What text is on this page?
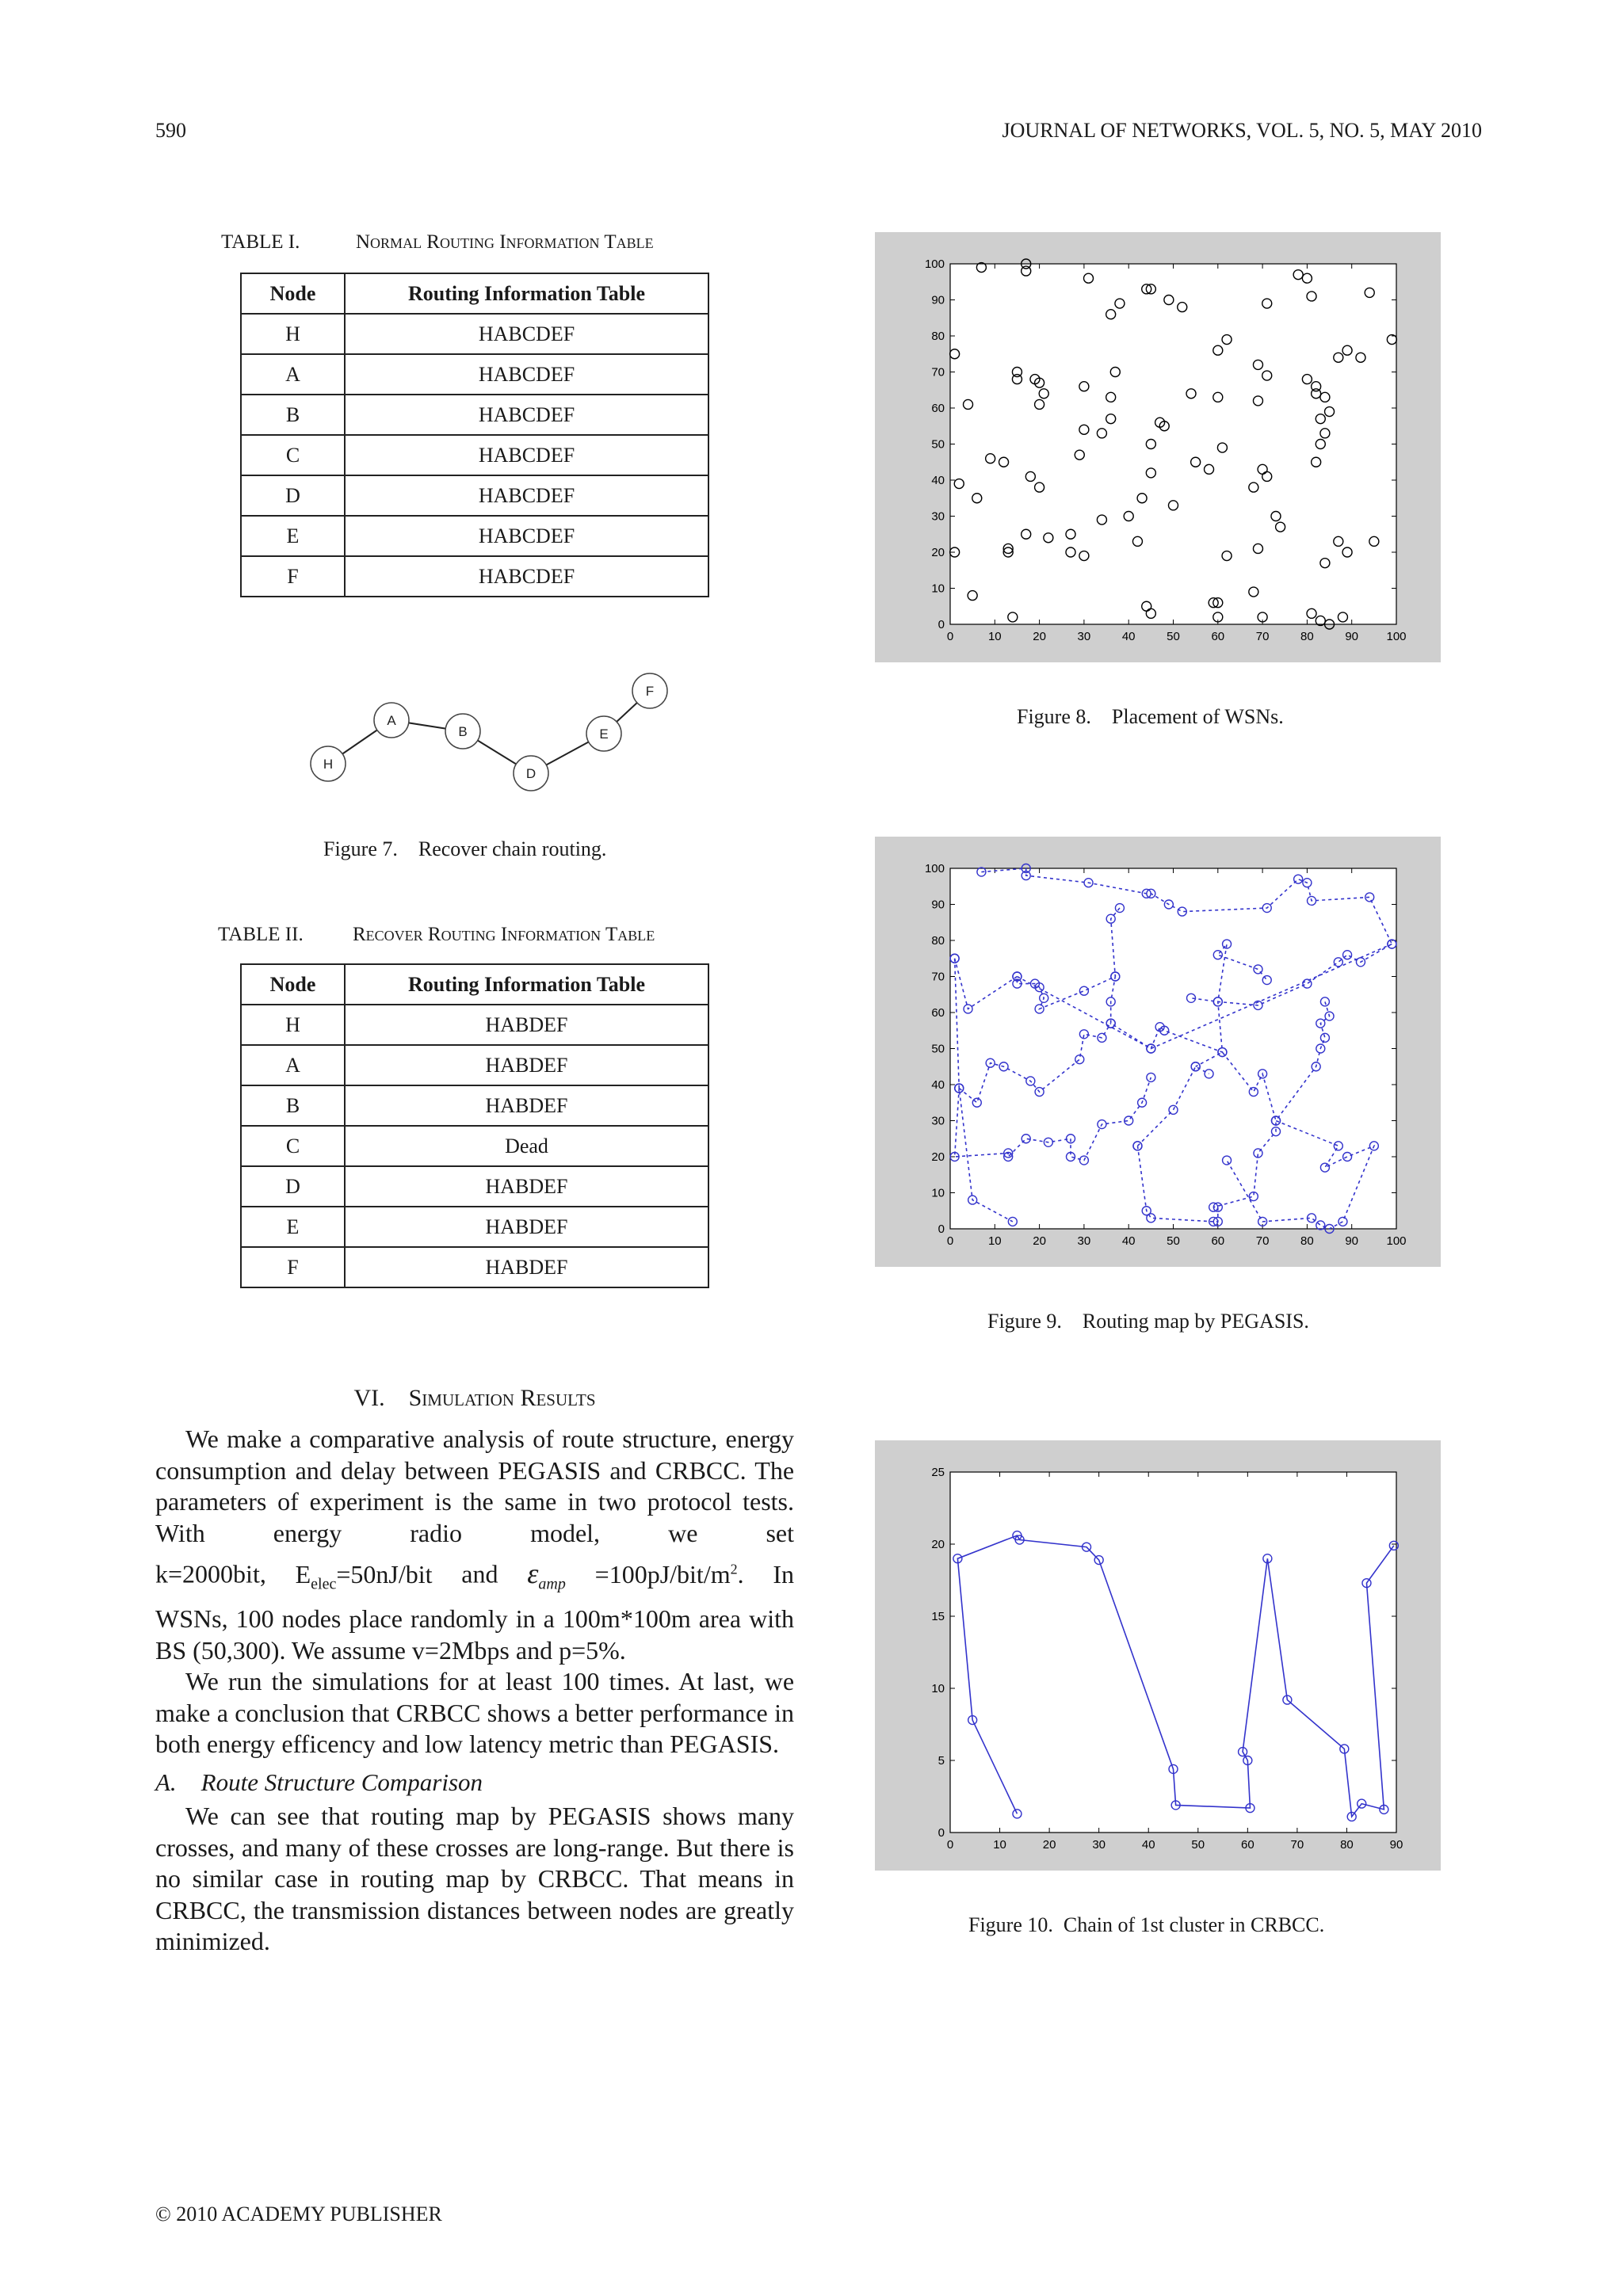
590	JOURNAL OF NETWORKS, VOL. 5, NO. 5, MAY 2010
TABLE I.	Normal Routing Information Table
Node	Routing Information Table
H	HABCDEF
A	HABCDEF
B	HABCDEF
C	HABCDEF
D	HABCDEF
E	HABCDEF
F	HABCDEF
H
A
B
D
E
F
Figure 7. Recover chain routing.
TABLE II. Recover Routing Information Table
Node	Routing Information Table
H	HABDEF
A	HABDEF
B	HABDEF
C	Dead
D	HABDEF
E	HABDEF
F	HABDEF
VI. Simulation Results

We make a comparative analysis of route structure, energy consumption and delay between PEGASIS and CRBCC. The parameters of experiment is the same in two protocol tests. With energy radio model, we set k=2000bit, $E_{elec}=50nJ$/bit and $\varepsilon_{amp} =100pJ/bit/m^2$. In WSNs, 100 nodes place randomly in a 100m*100m area with BS (50,300). We assume v=2Mbps and p=5%.

We run the simulations for at least 100 times. At last, we make a conclusion that CRBCC shows a better performance in both energy efficency and low latency metric than PEGASIS.

A. Route Structure Comparison

We can see that routing map by PEGASIS shows many crosses, and many of these crosses are long-range. But there is no similar case in routing map by CRBCC. That means in CRBCC, the transmission distances between nodes are greatly minimized.

0	10	20	30	40	50	60	70	80	90 100
0
10
20
30
40
50
60
70
80
90
100
Figure 8. Placement of WSNs.
0	10	20	30	40	50	60	70	80	90 100
0
10
20
30
40
50
60
70
80
90
100
Figure 9. Routing map by PEGASIS.
0	10	20	30	40	50	60	70	80	90
0
5
10
15
20
25
Figure 10. Chain of 1st cluster in CRBCC.
© 2010 ACADEMY PUBLISHER
